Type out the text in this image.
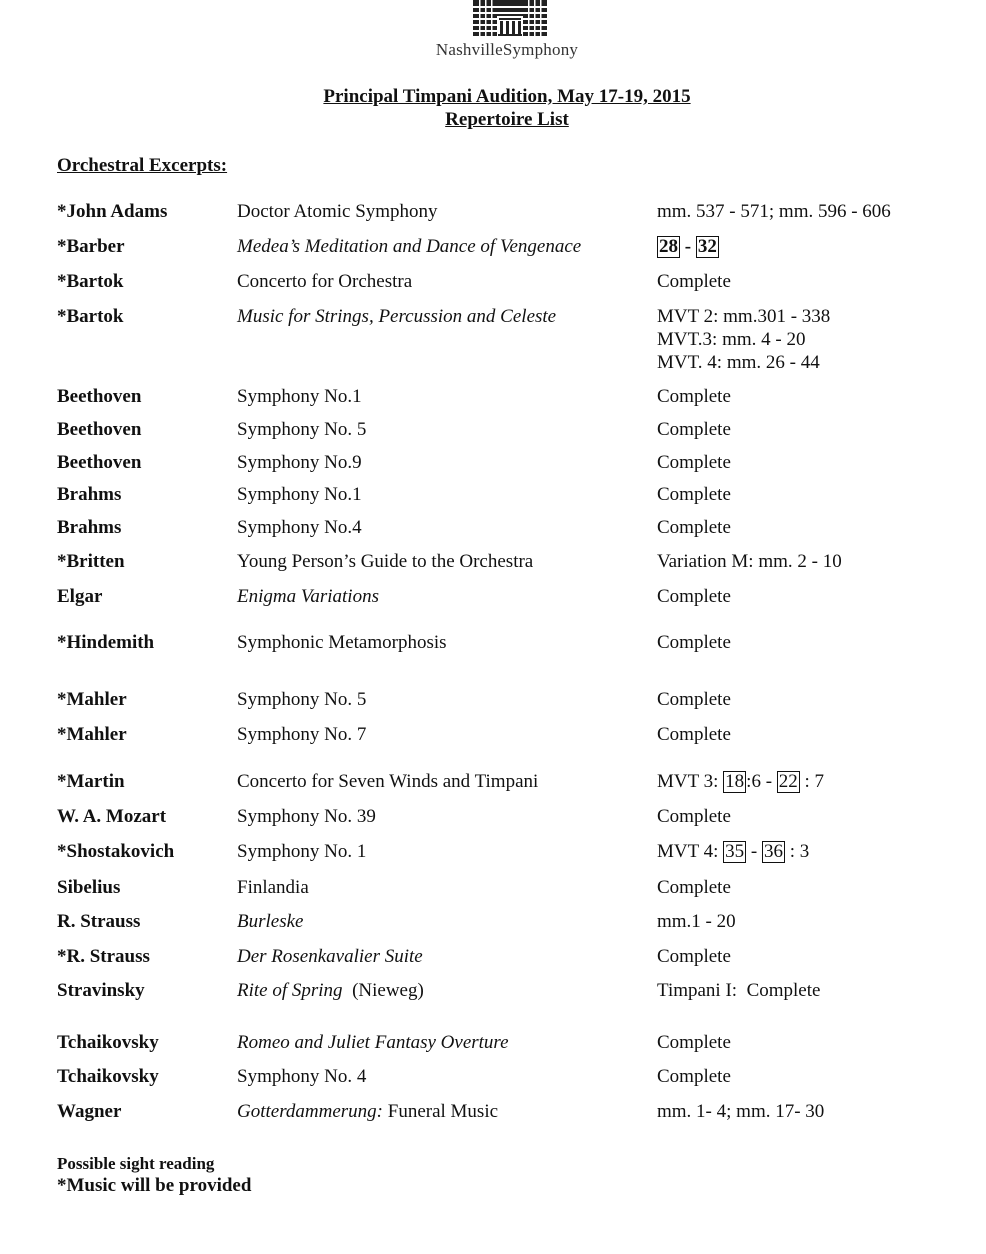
NashvilleSymphony
Principal Timpani Audition, May 17-19, 2015
Repertoire List
Orchestral Excerpts:
*John Adams	Doctor Atomic Symphony	mm. 537 - 571; mm. 596 - 606
*Barber	Medea’s Meditation and Dance of Vengenace	28 - 32
*Bartok	Concerto for Orchestra	Complete
*Bartok	Music for Strings, Percussion and Celeste	MVT 2: mm.301 - 338
MVT.3: mm. 4 - 20
MVT. 4: mm. 26 - 44
Beethoven	Symphony No.1	Complete
Beethoven	Symphony No. 5	Complete
Beethoven	Symphony No.9	Complete
Brahms	Symphony No.1	Complete
Brahms	Symphony No.4	Complete
*Britten	Young Person’s Guide to the Orchestra	Variation M: mm. 2 - 10
Elgar	Enigma Variations	Complete
*Hindemith	Symphonic Metamorphosis	Complete
*Mahler	Symphony No. 5	Complete
*Mahler	Symphony No. 7	Complete
*Martin	Concerto for Seven Winds and Timpani	MVT 3: 18 :6 - 22 : 7
W. A. Mozart	Symphony No. 39	Complete
*Shostakovich	Symphony No. 1	MVT 4: 35 - 36 : 3
Sibelius	Finlandia	Complete
R. Strauss	Burleske	mm.1 - 20
*R. Strauss	Der Rosenkavalier Suite	Complete
Stravinsky	Rite of Spring  (Nieweg)	Timpani I:  Complete
Tchaikovsky	Romeo and Juliet Fantasy Overture	Complete
Tchaikovsky	Symphony No. 4	Complete
Wagner	Gotterdammerung: Funeral Music	mm. 1- 4; mm. 17- 30
Possible sight reading
*Music will be provided
